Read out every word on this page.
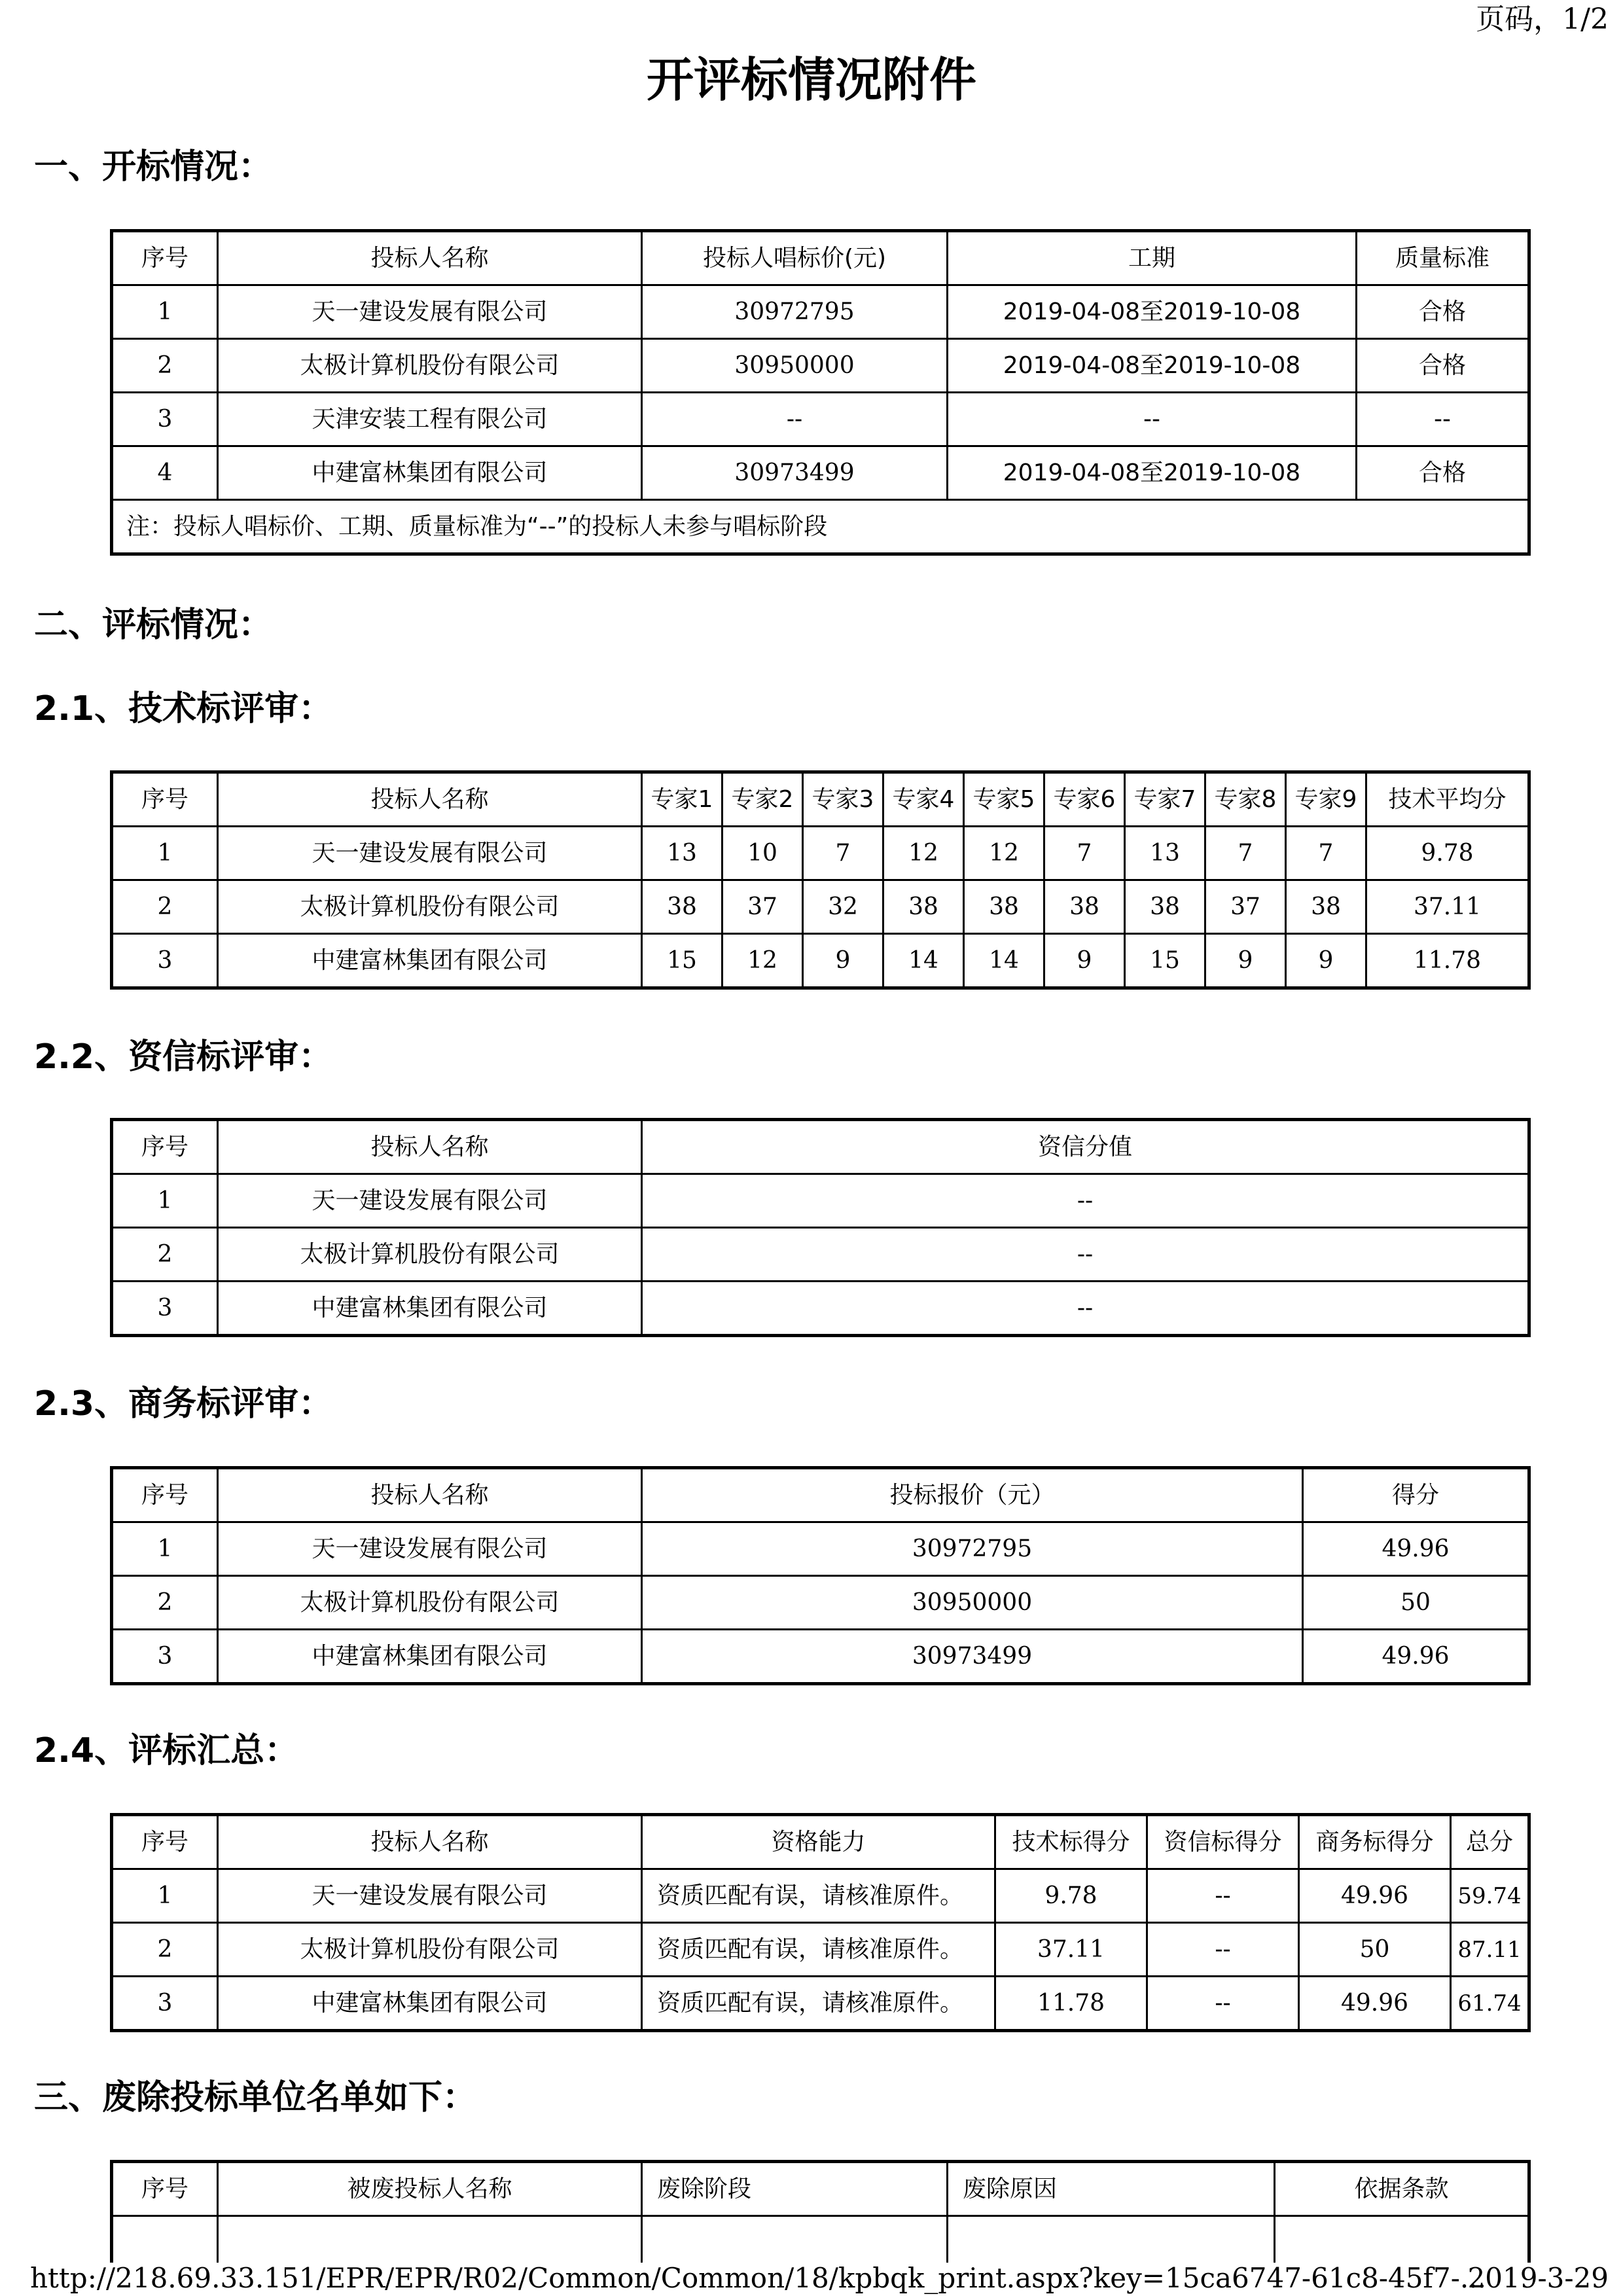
页码，1/2
开评标情况附件
一、开标情况：
序号	投标人名称	投标人唱标价(元)	工期	质量标准
1	天一建设发展有限公司	30972795	2019-04-08至2019-10-08	合格
2	太极计算机股份有限公司	30950000	2019-04-08至2019-10-08	合格
3	天津安装工程有限公司	--	--	--
4	中建富林集团有限公司	30973499	2019-04-08至2019-10-08	合格
注：投标人唱标价、工期、质量标准为“--”的投标人未参与唱标阶段				
二、评标情况：
2.1、技术标评审：
序号	投标人名称	专家1	专家2	专家3	专家4	专家5	专家6	专家7	专家8	专家9	技术平均分
1	天一建设发展有限公司	13	10	7	12	12	7	13	7	7	9.78
2	太极计算机股份有限公司	38	37	32	38	38	38	38	37	38	37.11
3	中建富林集团有限公司	15	12	9	14	14	9	15	9	9	11.78
2.2、资信标评审：
序号	投标人名称	资信分值
1	天一建设发展有限公司	--
2	太极计算机股份有限公司	--
3	中建富林集团有限公司	--
2.3、商务标评审：
序号	投标人名称	投标报价（元）	得分
1	天一建设发展有限公司	30972795	49.96
2	太极计算机股份有限公司	30950000	50
3	中建富林集团有限公司	30973499	49.96
2.4、评标汇总：
序号	投标人名称	资格能力	技术标得分	资信标得分	商务标得分	总分
1	天一建设发展有限公司	资质匹配有误，请核准原件。	9.78	--	49.96	59.74
2	太极计算机股份有限公司	资质匹配有误，请核准原件。	37.11	--	50	87.11
3	中建富林集团有限公司	资质匹配有误，请核准原件。	11.78	--	49.96	61.74
三、废除投标单位名单如下：
序号	被废投标人名称	废除阶段	废除原因	依据条款

http://218.69.33.151/EPR/EPR/R02/Common/Common/18/kpbqk_print.aspx?key=15ca6747-61c8-45f7-...
2019-3-29
